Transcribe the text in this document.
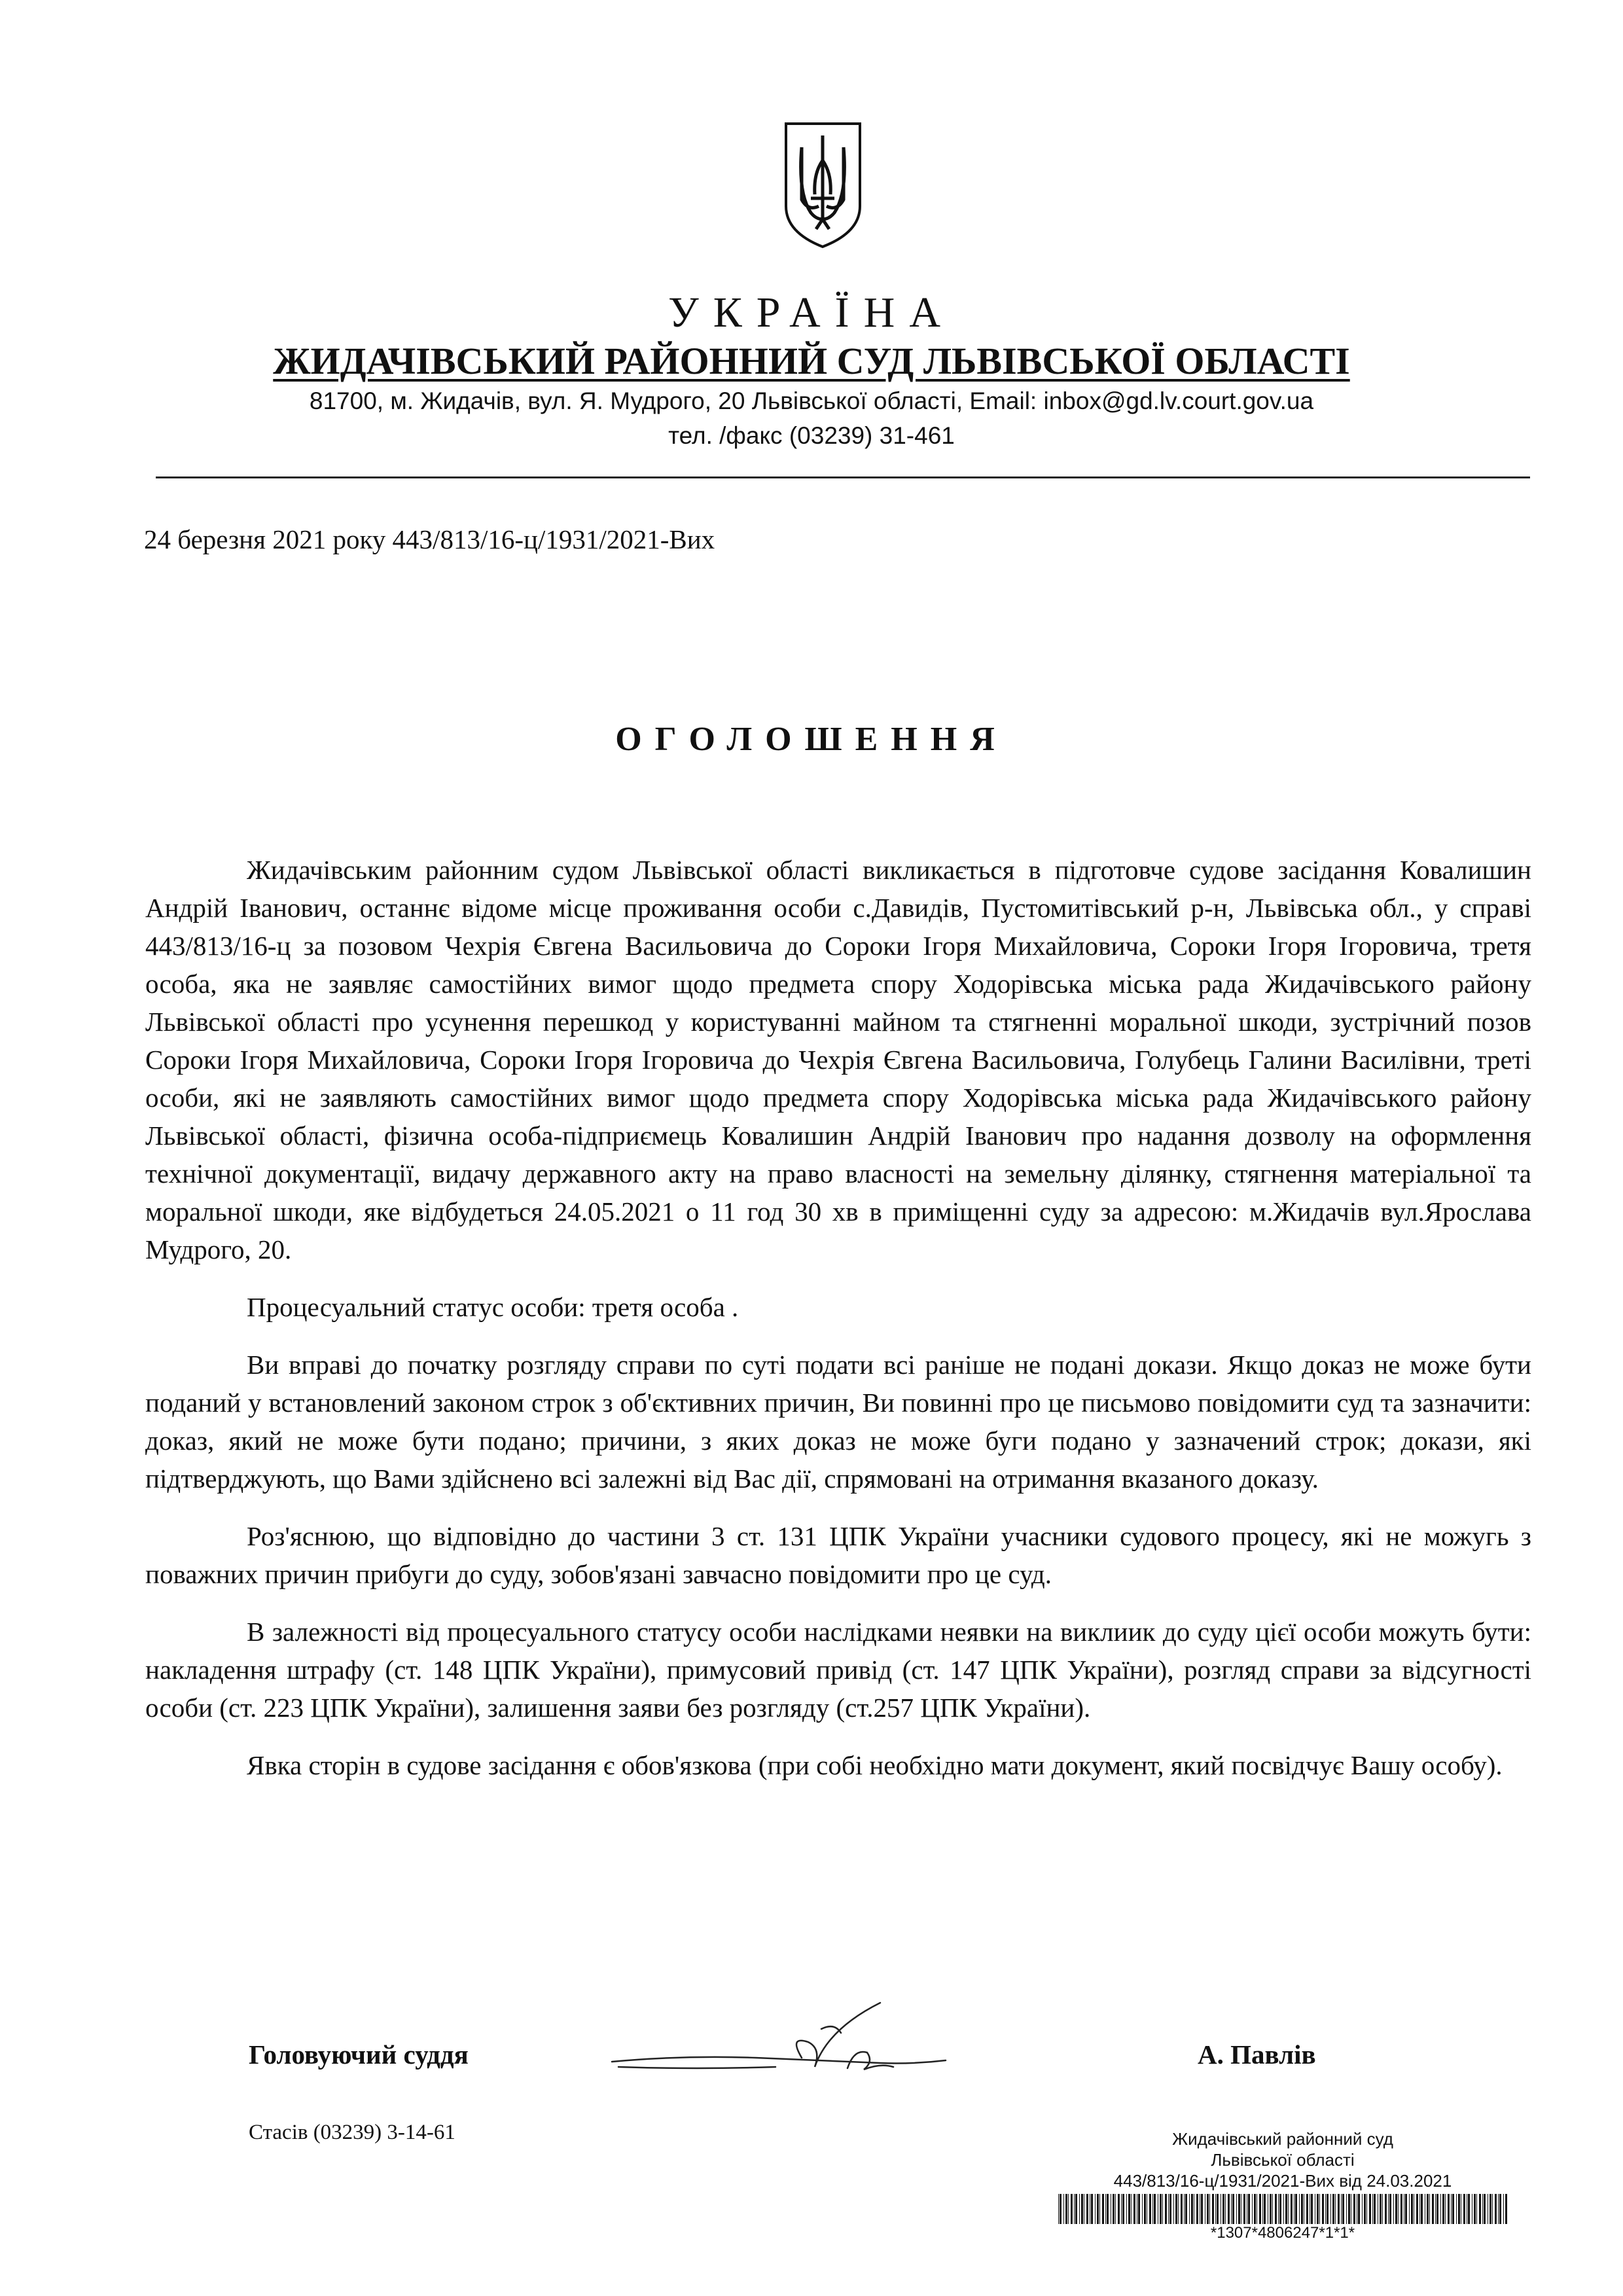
УКРАЇНА
ЖИДАЧІВСЬКИЙ РАЙОННИЙ СУД ЛЬВІВСЬКОЇ ОБЛАСТІ
81700, м. Жидачів, вул. Я. Мудрого, 20 Львівської області, Email: inbox@gd.lv.court.gov.ua
тел. /факс (03239) 31-461
24 березня 2021 року 443/813/16-ц/1931/2021-Вих
ОГОЛОШЕННЯ

Жидачівським районним судом Львівської області викликається в підготовче судове засідання Ковалишин Андрій Іванович, останнє відоме місце проживання особи с.Давидів, Пустомитівський р-н, Львівська обл., у справі 443/813/16-ц за позовом Чехрія Євгена Васильовича до Сороки Ігоря Михайловича, Сороки Ігоря Ігоровича, третя особа, яка не заявляє самостійних вимог щодо предмета спору Ходорівська міська рада Жидачівського району Львівської області про усунення перешкод у користуванні майном та стягненні моральної шкоди, зустрічний позов Сороки Ігоря Михайловича, Сороки Ігоря Ігоровича до Чехрія Євгена Васильовича, Голубець Галини Василівни, треті особи, які не заявляють самостійних вимог щодо предмета спору Ходорівська міська рада Жидачівського району Львівської області, фізична особа-підприємець Ковалишин Андрій Іванович про надання дозволу на оформлення технічної документації, видачу державного акту на право власності на земельну ділянку, стягнення матеріальної та моральної шкоди, яке відбудеться 24.05.2021 о 11 год 30 хв в приміщенні суду за адресою: м.Жидачів вул.Ярослава Мудрого, 20.

Процесуальний статус особи: третя особа .

Ви вправі до початку розгляду справи по суті подати всі раніше не подані докази. Якщо доказ не може бути поданий у встановлений законом строк з об'єктивних причин, Ви повинні про це письмово повідомити суд та зазначити: доказ, який не може бути подано; причини, з яких доказ не може буги подано у зазначений строк; докази, які підтверджують, що Вами здійснено всі залежні від Вас дії, спрямовані на отримання вказаного доказу.

Роз'яснюю, що відповідно до частини 3 ст. 131 ЦПК України учасники судового процесу, які не можугь з поважних причин прибуги до суду, зобов'язані завчасно повідомити про це суд.

В залежності від процесуального статусу особи наслідками неявки на виклиик до суду цієї особи можуть бути: накладення штрафу (ст. 148 ЦПК України), примусовий привід (ст. 147 ЦПК України), розгляд справи за відсугності особи (ст. 223 ЦПК України), залишення заяви без розгляду (ст.257 ЦПК України).

Явка сторін в судове засідання є обов'язкова (при собі необхідно мати документ, який посвідчує Вашу особу).

Головуючий суддя	А. Павлів
Стасів (03239) 3-14-61	Жидачівський районний суд
Львівської області
443/813/16-ц/1931/2021-Вих від 24.03.2021
*1307*4806247*1*1*
